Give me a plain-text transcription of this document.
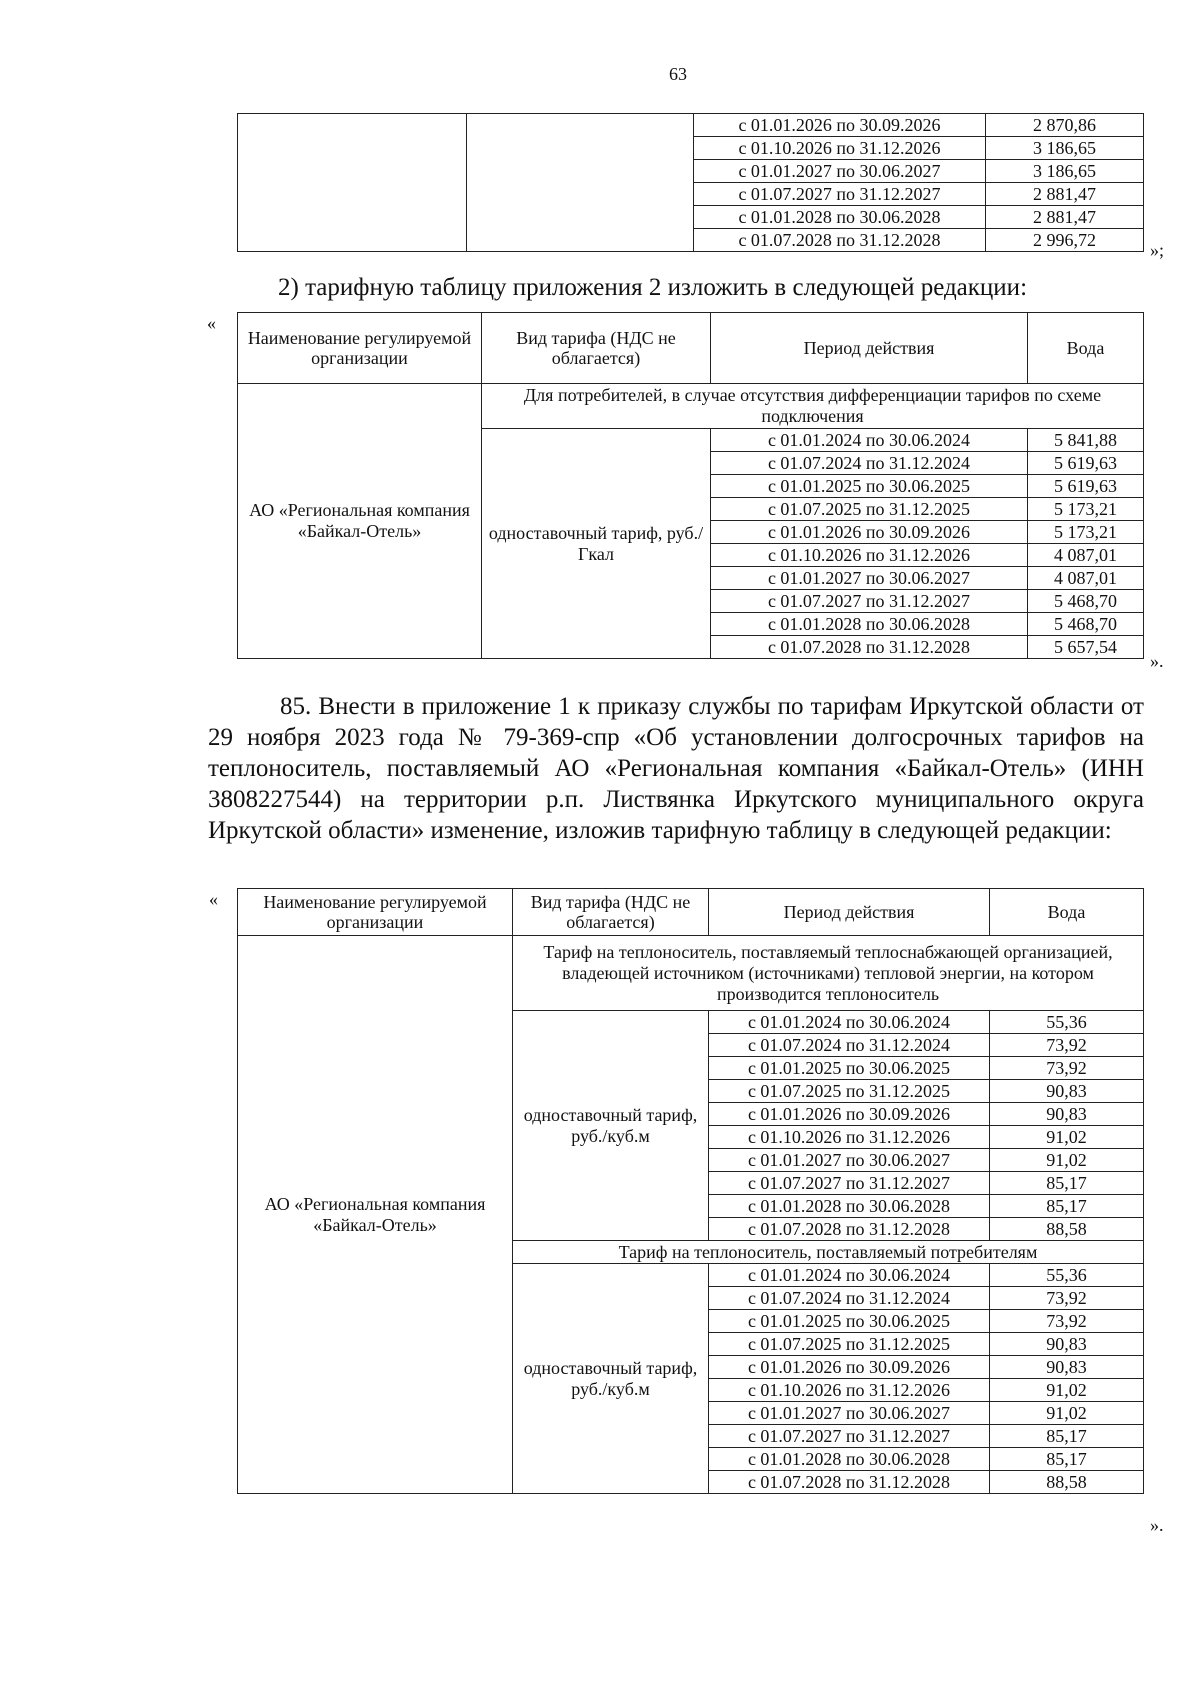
63
		с 01.01.2026 по 30.09.2026	2 870,86
		с 01.10.2026 по 31.12.2026	3 186,65
		с 01.01.2027 по 30.06.2027	3 186,65
		с 01.07.2027 по 31.12.2027	2 881,47
		с 01.01.2028 по 30.06.2028	2 881,47
		с 01.07.2028 по 31.12.2028	2 996,72
»;
2) тарифную таблицу приложения 2 изложить в следующей редакции:
«
Наименование регулируемой организации	Вид тарифа (НДС не облагается)	Период действия	Вода
АО «Региональная компания «Байкал-Отель»	Для потребителей, в случае отсутствия дифференциации тарифов по схеме подключения		
	одноставочный тариф, руб./Гкал	с 01.01.2024 по 30.06.2024	5 841,88
		с 01.07.2024 по 31.12.2024	5 619,63
		с 01.01.2025 по 30.06.2025	5 619,63
		с 01.07.2025 по 31.12.2025	5 173,21
		с 01.01.2026 по 30.09.2026	5 173,21
		с 01.10.2026 по 31.12.2026	4 087,01
		с 01.01.2027 по 30.06.2027	4 087,01
		с 01.07.2027 по 31.12.2027	5 468,70
		с 01.01.2028 по 30.06.2028	5 468,70
		с 01.07.2028 по 31.12.2028	5 657,54
».
85. Внести в приложение 1 к приказу службы по тарифам Иркутской области от 29 ноября 2023 года № 79-369-спр «Об установлении долгосрочных тарифов на теплоноситель, поставляемый АО «Региональная компания «Байкал-Отель» (ИНН 3808227544) на территории р.п. Листвянка Иркутского муниципального округа Иркутской области» изменение, изложив тарифную таблицу в следующей редакции:
«	Наименование регулируемой организации	Вид тарифа (НДС не облагается)	Период действия	Вода
АО «Региональная компания «Байкал-Отель»	Тариф на теплоноситель, поставляемый теплоснабжающей организацией, владеющей источником (источниками) тепловой энергии, на котором производится теплоноситель		
	одноставочный тариф, руб./куб.м	с 01.01.2024 по 30.06.2024	55,36
		с 01.07.2024 по 31.12.2024	73,92
		с 01.01.2025 по 30.06.2025	73,92
		с 01.07.2025 по 31.12.2025	90,83
		с 01.01.2026 по 30.09.2026	90,83
		с 01.10.2026 по 31.12.2026	91,02
		с 01.01.2027 по 30.06.2027	91,02
		с 01.07.2027 по 31.12.2027	85,17
		с 01.01.2028 по 30.06.2028	85,17
		с 01.07.2028 по 31.12.2028	88,58
	Тариф на теплоноситель, поставляемый потребителям		
	одноставочный тариф, руб./куб.м	с 01.01.2024 по 30.06.2024	55,36
		с 01.07.2024 по 31.12.2024	73,92
		с 01.01.2025 по 30.06.2025	73,92
		с 01.07.2025 по 31.12.2025	90,83
		с 01.01.2026 по 30.09.2026	90,83
		с 01.10.2026 по 31.12.2026	91,02
		с 01.01.2027 по 30.06.2027	91,02
		с 01.07.2027 по 31.12.2027	85,17
		с 01.01.2028 по 30.06.2028	85,17
		с 01.07.2028 по 31.12.2028	88,58
».
